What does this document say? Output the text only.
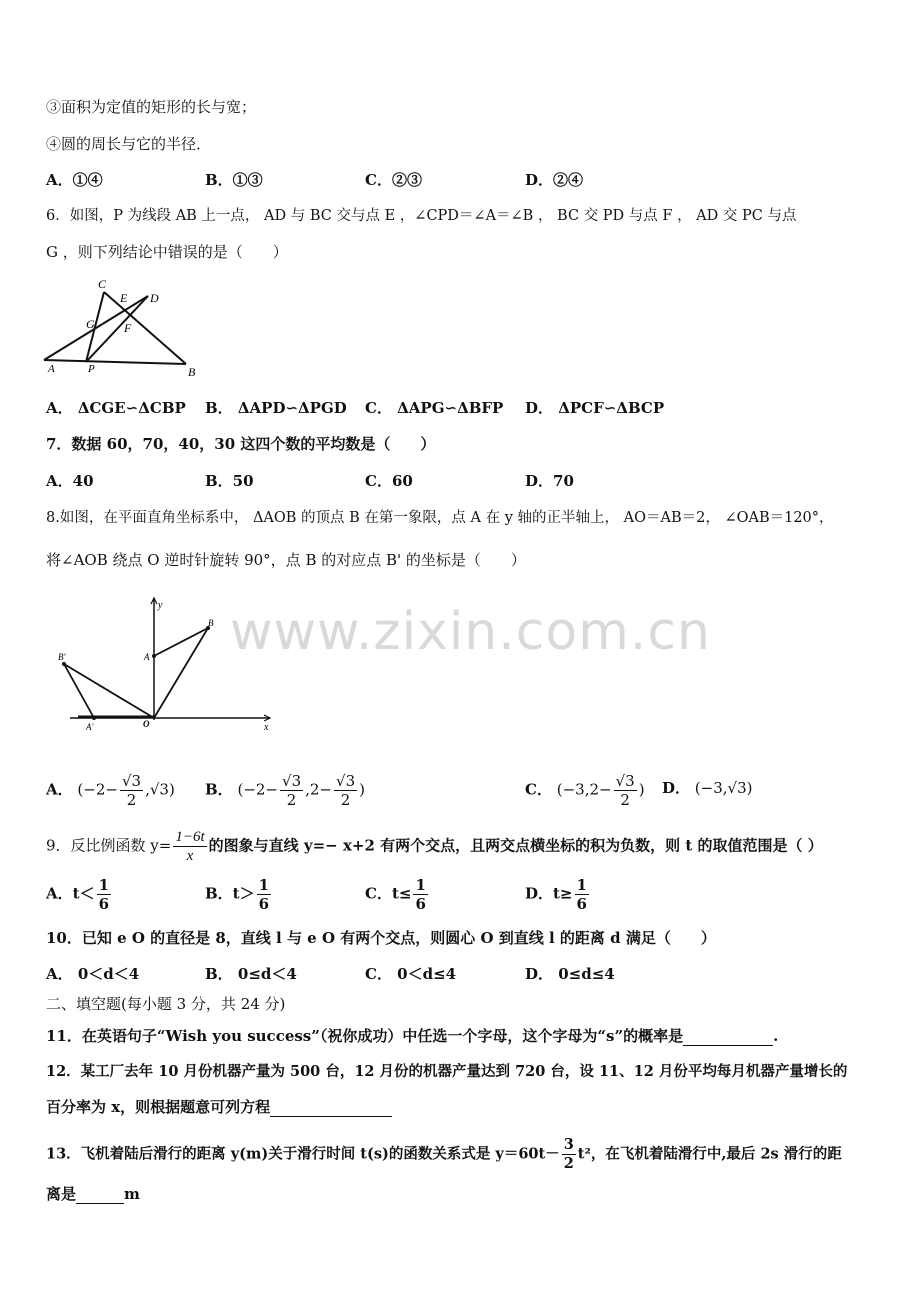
③面积为定值的矩形的长与宽；
④圆的周长与它的半径．
A．①④	B．①③	C．②③	D．②④
6．如图，P 为线段 AB 上一点， AD 与 BC 交与点 E ，∠CPD＝∠A＝∠B ， BC 交 PD 与点 F ， AD 交 PC 与点
G ，则下列结论中错误的是（　　）
C
E D
G F
A	P	B
A． ΔCGE∽ΔCBP B． ΔAPD∽ΔPGD C． ΔAPG∽ΔBFP D． ΔPCF∽ΔBCP
7．数据 60，70，40，30 这四个数的平均数是（　　）
A．40	B．50	C．60	D．70
8.如图，在平面直角坐标系中， ΔAOB 的顶点 B 在第一象限，点 A 在 y 轴的正半轴上， AO＝AB＝2， ∠OAB＝120°，
将∠AOB 绕点 O 逆时针旋转 90°，点 B 的对应点 B' 的坐标是（　　）
www.zixin.com.cn
y
B
A
B'
A'	O	x
A． $(-2- \frac{√3}{2} ,√3)$ B． ($-2- \frac{√3}{2} ,2- \frac{√3}{2}$ )	C． ($-3,2- \frac{√3}{2}$ ) D． (−3,√3)
9．反比例函数 $y= \frac{1-6t}{x}$ 的图象与直线 y=− x+2 有两个交点，且两交点横坐标的积为负数，则 t 的取值范围是（ ）
A．$t< \frac{1}{6}$	B．$t> \frac{1}{6}$	C．$t\le \frac{1}{6}$	D．$t\ge \frac{1}{6}$
10．已知 e O 的直径是 8，直线 l 与 e O 有两个交点，则圆心 O 到直线 l 的距离 d 满足（　　）
A． 0＜d＜4	B． 0≤d＜4	C． 0＜d≤4	D． 0≤d≤4
二、填空题(每小题 3 分，共 24 分)
11．在英语句子“Wish you success”（祝你成功）中任选一个字母，这个字母为“s”的概率是	.
12．某工厂去年 10 月份机器产量为 500 台，12 月份的机器产量达到 720 台，设 11、12 月份平均每月机器产量增长的
百分率为 x，则根据题意可列方程
13．飞机着陆后滑行的距离 y(m)关于滑行时间 t(s)的函数关系式是 $y=60t- \frac{3}{2} t^2$，在飞机着陆滑行中,最后 2s 滑行的距
离是	m
